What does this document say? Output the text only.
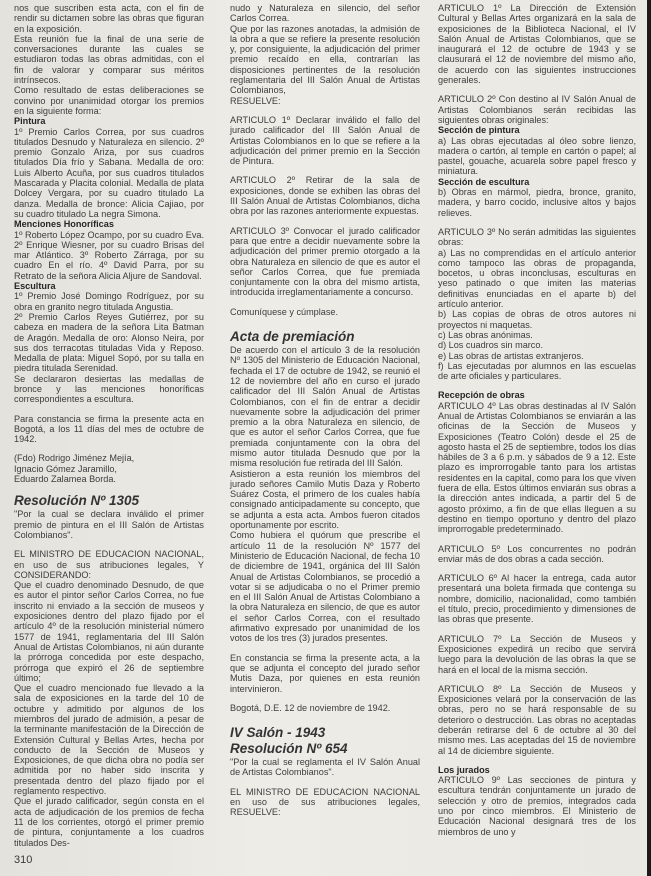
nos que suscriben esta acta, con el fin de rendir su dictamen sobre las obras que figuran en la exposición.

Esta reunión fue la final de una serie de conversaciones durante las cuales se estudiaron todas las obras admitidas, con el fin de valorar y comparar sus méritos intrínsecos.

Como resultado de estas deliberaciones se convino por unanimidad otorgar los premios en la siguiente forma:

Pintura

1º Premio Carlos Correa, por sus cuadros titulados Desnudo y Naturaleza en silencio. 2º premio Gonzalo Ariza, por sus cuadros titulados Día frío y Sabana. Medalla de oro: Luis Alberto Acuña, por sus cuadros titulados Mascarada y Placita colonial. Medalla de plata Dolcey Vergara, por su cuadro titulado La danza. Medalla de bronce: Alicia Cajiao, por su cuadro titulado La negra Simona.

Menciones Honoríficas

1º Roberto López Ocampo, por su cuadro Eva. 2º Enrique Wiesner, por su cuadro Brisas del mar Atlántico. 3º Roberto Zárraga, por su cuadro En el río. 4º David Parra, por su Retrato de la señora Alicia Aljure de Sandoval.

Escultura

1º Premio José Domingo Rodríguez, por su obra en granito negro titulada Angustia.

2º Premio Carlos Reyes Gutiérrez, por su cabeza en madera de la señora Lita Batman de Aragón. Medalla de oro: Alonso Neira, por sus dos terracotas tituladas Vida y Reposo. Medalla de plata: Miguel Sopó, por su talla en piedra titulada Serenidad.

Se declararon desiertas las medallas de bronce y las menciones honoríficas correspondientes a escultura.

Para constancia se firma la presente acta en Bogotá, a los 11 días del mes de octubre de 1942.

(Fdo) Rodrigo Jiménez Mejía,

Ignacio Gómez Jaramillo,

Eduardo Zalamea Borda.

Resolución Nº 1305

"Por la cual se declara inválido el primer premio de pintura en el III Salón de Artistas Colombianos".

EL MINISTRO DE EDUCACION NACIONAL, en uso de sus atribuciones legales, Y CONSIDERANDO:

Que el cuadro denominado Desnudo, de que es autor el pintor señor Carlos Correa, no fue inscrito ni enviado a la sección de museos y exposiciones dentro del plazo fijado por el artículo 4º de la resolución ministerial número 1577 de 1941, reglamentaria del III Salón Anual de Artistas Colombianos, ni aún durante la prórroga concedida por este despacho, prórroga que expiró el 26 de septiembre último;

Que el cuadro mencionado fue llevado a la sala de exposiciones en la tarde del 10 de octubre y admitido por algunos de los miembros del jurado de admisión, a pesar de la terminante manifestación de la Dirección de Extensión Cultural y Bellas Artes, hecha por conducto de la Sección de Museos y Exposiciones, de que dicha obra no podía ser admitida por no haber sido inscrita y presentada dentro del plazo fijado por el reglamento respectivo.

Que el jurado calificador, según consta en el acta de adjudicación de los premios de fecha 11 de los corrientes, otorgó el primer premio de pintura, conjuntamente a los cuadros titulados Des-

nudo y Naturaleza en silencio, del señor Carlos Correa.

Que por las razones anotadas, la admisión de la obra a que se refiere la presente resolución y, por consiguiente, la adjudicación del primer premio recaído en ella, contrarían las disposiciones pertinentes de la resolución reglamentaria del III Salón Anual de Artistas Colombianos,

RESUELVE:

ARTICULO 1º Declarar inválido el fallo del jurado calificador del III Salón Anual de Artistas Colombianos en lo que se refiere a la adjudicación del primer premio en la Sección de Pintura.

ARTICULO 2º Retirar de la sala de exposiciones, donde se exhiben las obras del III Salón Anual de Artistas Colombianos, dicha obra por las razones anteriormente expuestas.

ARTICULO 3º Convocar el jurado calificador para que entre a decidir nuevamente sobre la adjudicación del primer premio otorgado a la obra Naturaleza en silencio de que es autor el señor Carlos Correa, que fue premiada conjuntamente con la obra del mismo artista, introducida irreglamentariamente a concurso.

Comuníquese y cúmplase.

Acta de premiación

De acuerdo con el artículo 3 de la resolución Nº 1305 del Ministerio de Educación Nacional, fechada el 17 de octubre de 1942, se reunió el 12 de noviembre del año en curso el jurado calificador del III Salón Anual de Artistas Colombianos, con el fin de entrar a decidir nuevamente sobre la adjudicación del primer premio a la obra Naturaleza en silencio, de que es autor el señor Carlos Correa, que fue premiada conjuntamente con la obra del mismo autor titulada Desnudo que por la misma resolución fue retirada del III Salón.

Asistieron a esta reunión los miembros del jurado señores Camilo Mutis Daza y Roberto Suárez Costa, el primero de los cuales había consignado anticipadamente su concepto, que se adjunta a esta acta. Ambos fueron citados oportunamente por escrito.

Como hubiera el quórum que prescribe el artículo 11 de la resolución Nº 1577 del Ministerio de Educación Nacional, de fecha 10 de diciembre de 1941, orgánica del III Salón Anual de Artistas Colombianos, se procedió a votar si se adjudicaba o no el Primer premio en el III Salón Anual de Artistas Colombiano a la obra Naturaleza en silencio, de que es autor el señor Carlos Correa, con el resultado afirmativo expresado por unanimidad de los votos de los tres (3) jurados presentes.

En constancia se firma la presente acta, a la que se adjunta el concepto del jurado señor Mutis Daza, por quienes en esta reunión intervinieron.

Bogotá, D.E. 12 de noviembre de 1942.

IV Salón - 1943

Resolución Nº 654

"Por la cual se reglamenta el IV Salón Anual de Artistas Colombianos".

EL MINISTRO DE EDUCACION NACIONAL en uso de sus atribuciones legales, RESUELVE:

ARTICULO 1º La Dirección de Extensión Cultural y Bellas Artes organizará en la sala de exposiciones de la Biblioteca Nacional, el IV Salón Anual de Artistas Colombianos, que se inaugurará el 12 de octubre de 1943 y se clausurará el 12 de noviembre del mismo año, de acuerdo con las siguientes instrucciones generales.

ARTICULO 2º Con destino al IV Salón Anual de Artistas Colombianos serán recibidas las siguientes obras originales:

Sección de pintura

a) Las obras ejecutadas al óleo sobre lienzo, madera o cartón, al temple en cartón o papel; al pastel, gouache, acuarela sobre papel fresco y miniatura.

Sección de escultura

b) Obras en mármol, piedra, bronce, granito, madera, y barro cocido, inclusive altos y bajos relieves.

ARTICULO 3º No serán admitidas las siguientes obras:

a) Las no comprendidas en el artículo anterior como tampoco las obras de propaganda, bocetos, u obras inconclusas, esculturas en yeso patinado o que imiten las materias definitivas enunciadas en el aparte b) del artículo anterior.

b) Las copias de obras de otros autores ni proyectos ni maquetas.

c) Las obras anónimas.

d) Los cuadros sin marco.

e) Las obras de artistas extranjeros.

f) Las ejecutadas por alumnos en las escuelas de arte oficiales y particulares.

Recepción de obras

ARTICULO 4º Las obras destinadas al IV Salón Anual de Artistas Colombianos se enviarán a las oficinas de la Sección de Museos y Exposiciones (Teatro Colón) desde el 25 de agosto hasta el 25 de septiembre, todos los días hábiles de 3 a 6 p.m. y sábados de 9 a 12. Este plazo es improrrogable tanto para los artistas residentes en la capital, como para los que viven fuera de ella. Estos últimos enviarán sus obras a la dirección antes indicada, a partir del 5 de agosto próximo, a fin de que ellas lleguen a su destino en tiempo oportuno y dentro del plazo improrrogable predeterminado.

ARTICULO 5º Los concurrentes no podrán enviar más de dos obras a cada sección.

ARTICULO 6º Al hacer la entrega, cada autor presentará una boleta firmada que contenga su nombre, domicilio, nacionalidad, como también el título, precio, procedimiento y dimensiones de las obras que presente.

ARTICULO 7º La Sección de Museos y Exposiciones expedirá un recibo que servirá luego para la devolución de las obras la que se hará en el local de la misma sección.

ARTICULO 8º La Sección de Museos y Exposiciones velará por la conservación de las obras, pero no se hará responsable de su deterioro o destrucción. Las obras no aceptadas deberán retirarse del 6 de octubre al 30 del mismo mes. Las aceptadas del 15 de noviembre al 14 de diciembre siguiente.

Los jurados

ARTICULO 9º Las secciones de pintura y escultura tendrán conjuntamente un jurado de selección y otro de premios, integrados cada uno por cinco miembros. El Ministerio de Educación Nacional designará tres de los miembros de uno y

310
